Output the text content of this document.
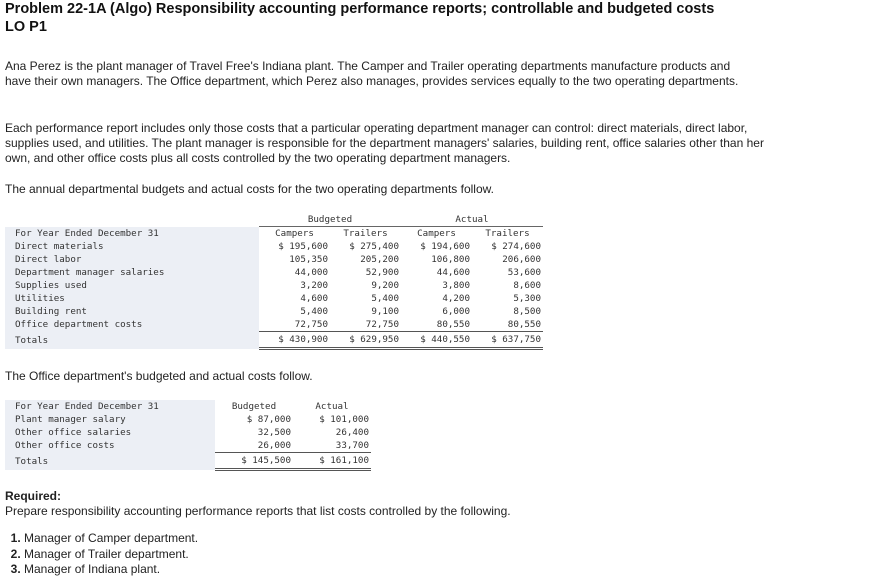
Problem 22-1A (Algo) Responsibility accounting performance reports; controllable and budgeted costs
LO P1
Ana Perez is the plant manager of Travel Free's Indiana plant. The Camper and Trailer operating departments manufacture products and have their own managers. The Office department, which Perez also manages, provides services equally to the two operating departments.
Each performance report includes only those costs that a particular operating department manager can control: direct materials, direct labor, supplies used, and utilities. The plant manager is responsible for the department managers' salaries, building rent, office salaries other than her own, and other office costs plus all costs controlled by the two operating department managers.
The annual departmental budgets and actual costs for the two operating departments follow.
	Budgeted		Actual	
For Year Ended December 31	Campers	Trailers	Campers	Trailers
Direct materials	$ 195,600	$ 275,400	$ 194,600	$ 274,600
Direct labor	105,350	205,200	106,800	206,600
Department manager salaries	44,000	52,900	44,600	53,600
Supplies used	3,200	9,200	3,800	8,600
Utilities	4,600	5,400	4,200	5,300
Building rent	5,400	9,100	6,000	8,500
Office department costs	72,750	72,750	80,550	80,550
Totals	$ 430,900	$ 629,950	$ 440,550	$ 637,750
The Office department's budgeted and actual costs follow.
For Year Ended December 31	Budgeted	Actual
Plant manager salary	$ 87,000	$ 101,000
Other office salaries	32,500	26,400
Other office costs	26,000	33,700
Totals	$ 145,500	$ 161,100
Required:
Prepare responsibility accounting performance reports that list costs controlled by the following.
1. Manager of Camper department.
2. Manager of Trailer department.
3. Manager of Indiana plant.
